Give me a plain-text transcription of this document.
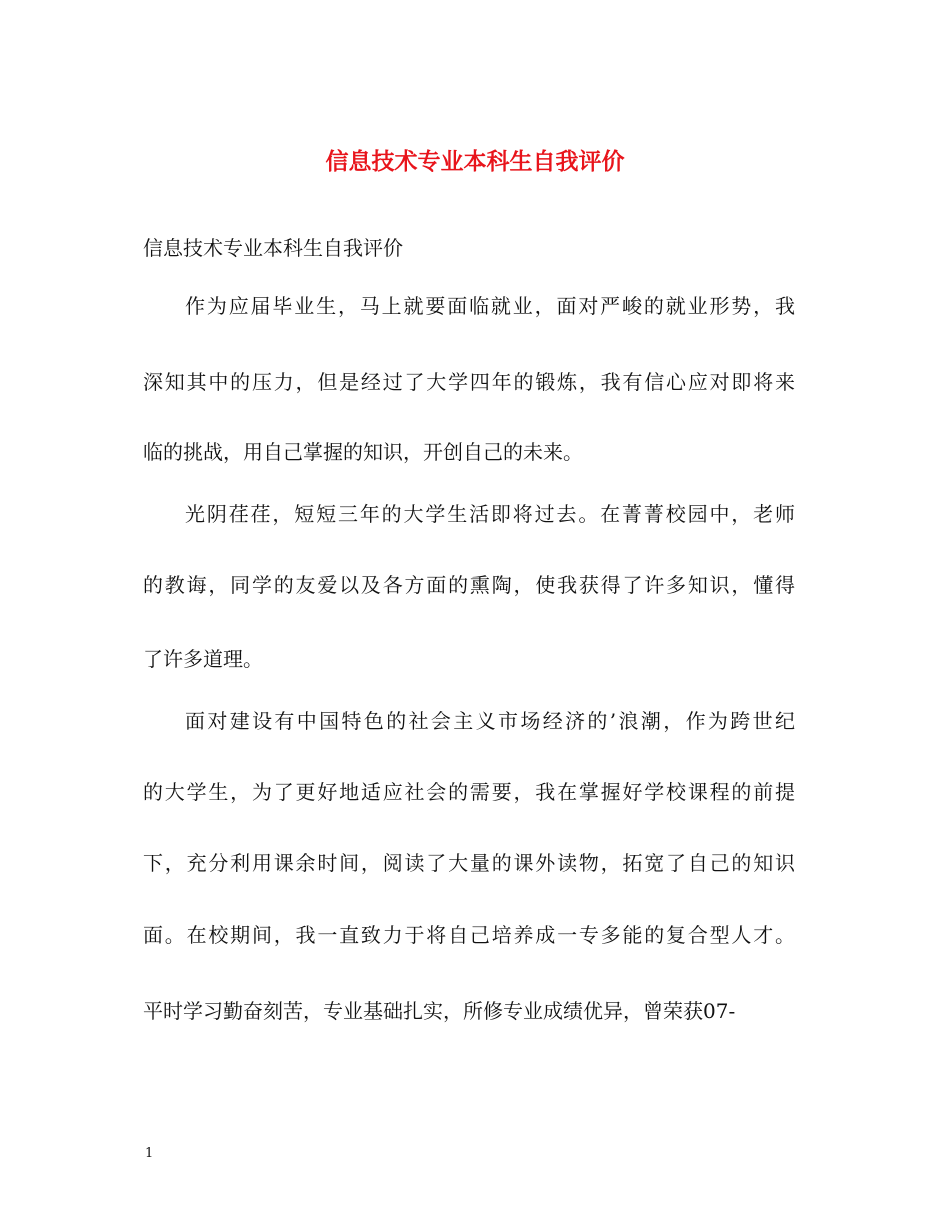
信息技术专业本科生自我评价
信息技术专业本科生自我评价
作为应届毕业生，马上就要面临就业，面对严峻的就业形势，我
深知其中的压力，但是经过了大学四年的锻炼，我有信心应对即将来
临的挑战，用自己掌握的知识，开创自己的未来。
光阴荏荏，短短三年的大学生活即将过去。在菁菁校园中，老师
的教诲，同学的友爱以及各方面的熏陶，使我获得了许多知识，懂得
了许多道理。
面对建设有中国特色的社会主义市场经济的’浪潮，作为跨世纪
的大学生，为了更好地适应社会的需要，我在掌握好学校课程的前提
下，充分利用课余时间，阅读了大量的课外读物，拓宽了自己的知识
面。在校期间，我一直致力于将自己培养成一专多能的复合型人才。
平时学习勤奋刻苦，专业基础扎实，所修专业成绩优异，曾荣获07-
1
